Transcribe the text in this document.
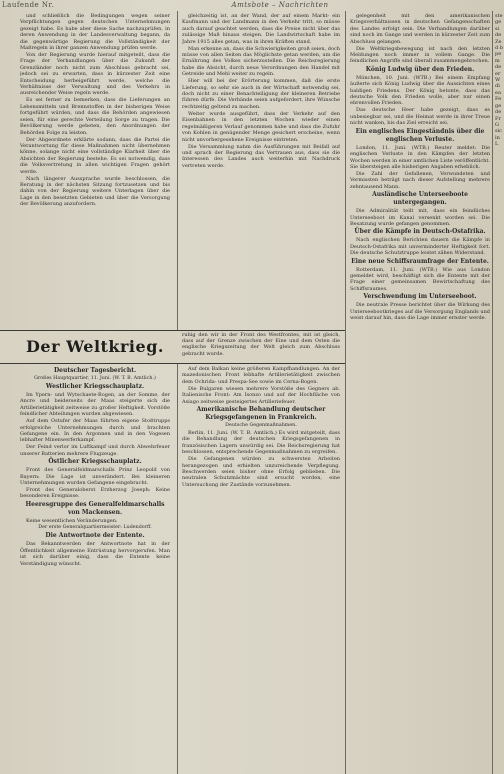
Laufende Nr.	Amtsbote – Nachrichten

und schließlich die Bedingungen wegen seiner Verpflichtungen gegen deutschen Unternehmungen gezeigt habe. Es habe aber diese Sache nachzuprüfen, in deren Anwendung in der Landesverwaltung begann, da die gegenwärtige Regierung die Vollständigkeit der Maßregeln in ihrer ganzen Anwendung prüfen werde.

Von der Regierung wurde hierauf mitgeteilt, dass die Frage der Verhandlungen über die Zukunft der Grenzländer noch nicht zum Abschluss gebracht sei, jedoch sei zu erwarten, dass in kürzester Zeit eine Entscheidung herbeigeführt werde, welche die Verhältnisse der Verwaltung und des Verkehrs in ausreichender Weise regeln werde.

Es sei ferner zu bemerken, dass die Lieferungen an Lebensmitteln und Brennstoffen in der bisherigen Weise fortgeführt würden, und dass die Behörden angewiesen seien, für eine gerechte Verteilung Sorge zu tragen. Die Bevölkerung werde gebeten, den Anordnungen der Behörden Folge zu leisten.

Der Abgeordnete erklärte sodann, dass die Partei die Verantwortung für diese Maßnahmen nicht übernehmen könne, solange nicht eine vollständige Klarheit über die Absichten der Regierung bestehe. Es sei notwendig, dass die Volksvertretung in allen wichtigen Fragen gehört werde.

Nach längerer Aussprache wurde beschlossen, die Beratung in der nächsten Sitzung fortzusetzen und bis dahin von der Regierung weitere Unterlagen über die Lage in den besetzten Gebieten und über die Versorgung der Bevölkerung anzufordern.

gleichzeitig ist, an der Wand, der auf einem Markt- ein Kaufmann und der Landmann in den Verkehr tritt, so müsse auch darauf geachtet werden, dass die Preise nicht über das zulässige Maß hinaus steigen. Die Landwirtschaft habe im Jahre 1915 alles getan, was in ihren Kräften stand.

Man erkenne an, dass die Schwierigkeiten groß seien, doch müsse von allen Seiten das Möglichste getan werden, um die Ernährung des Volkes sicherzustellen. Die Reichsregierung habe die Absicht, durch neue Verordnungen den Handel mit Getreide und Mehl weiter zu regeln.

Hier will bei der Erörterung kommen, daß die erste Lieferung, so sehr sie auch in der Wirtschaft notwendig sei, doch nicht zu einer Benachteiligung der kleineren Betriebe führen dürfe. Die Verbände seien aufgefordert, ihre Wünsche rechtzeitig geltend zu machen.

Weiter wurde ausgeführt, dass der Verkehr auf den Eisenbahnen in den letzten Wochen wieder einen regelmäßigeren Verlauf genommen habe und dass die Zufuhr von Kohlen in genügender Menge gesichert erscheine, wenn nicht unvorhergesehene Ereignisse eintreten.

Die Versammlung nahm die Ausführungen mit Beifall auf und sprach der Regierung das Vertrauen aus, dass sie die Interessen des Landes auch weiterhin mit Nachdruck vertreten werde.

Der Weltkrieg.
ruhig den wir in der Front des Westfrontes, mit ist gleich, dass auf der Grenze zwischen der Eine und dem Osten die englische Kriegszeitung der Welt gleich zum Abschluss gebracht wurde.
Deutscher Tagesbericht.
Großes Hauptquartier, 11. Juni. (W. T. B. Amtlich.)
Westlicher Kriegsschauplatz.

Im Ypern- und Wytschaete-Bogen, an der Somme, der Ancre und beiderseits der Maas steigerte sich die Artillerietätigkeit zeitweise zu großer Heftigkeit. Vorstöße feindlicher Abteilungen wurden abgewiesen.

Auf dem Ostufer der Maas führten eigene Stoßtrupps erfolgreiche Unternehmungen durch und brachten Gefangene ein. In den Argonnen und in den Vogesen lebhafter Minenwerferkampf.

Der Feind verlor im Luftkampf und durch Abwehrfeuer unserer Batterien mehrere Flugzeuge.

Östlicher Kriegsschauplatz.

Front des Generalfeldmarschalls Prinz Leopold von Bayern: Die Lage ist unverändert. Bei kleineren Unternehmungen wurden Gefangene eingebracht.

Front des Generaloberst Erzherzog Joseph: Keine besonderen Ereignisse.

Heeresgruppe des Generalfeldmarschalls von Mackensen.

Keine wesentlichen Veränderungen.

Der erste Generalquartiermeister: Ludendorff.
Die Antwortnote der Entente.

Das Bekanntwerden der Antwortnote hat in der Öffentlichkeit allgemeine Entrüstung hervorgerufen. Man ist sich darüber einig, dass die Entente keine Verständigung wünscht.

Auf dem Balkan keine größeren Kampfhandlungen. An der mazedonischen Front lebhafte Artillerietätigkeit zwischen dem Ochrida- und Prespa-See sowie im Cerna-Bogen.

Die Bulgaren wiesen mehrere Vorstöße des Gegners ab. Italienische Front: Am Isonzo und auf der Hochfläche von Asiago zeitweise gesteigertes Artilleriefeuer.

Amerikanische Behandlung deutscher Kriegsgefangenen in Frankreich.
Deutsche Gegenmaßnahmen.

Berlin, 11. Juni. (W. T. B. Amtlich.) Es wird mitgeteilt, dass die Behandlung der deutschen Kriegsgefangenen in französischen Lagern unwürdig sei. Die Reichsregierung hat beschlossen, entsprechende Gegenmaßnahmen zu ergreifen.

Die Gefangenen würden zu schwersten Arbeiten herangezogen und erhielten unzureichende Verpflegung. Beschwerden seien bisher ohne Erfolg geblieben. Die neutralen Schutzmächte sind ersucht worden, eine Untersuchung der Zustände vorzunehmen.

gelegenheit mit den amerikanischen Kriegsverhältnissen in deutschen Gefangenschaften des Landes erfolgt sein. Die Verhandlungen darüber sind noch im Gange und werden in kürzester Zeit zum Abschluss gelangen.

Die Weltkriegsbewegung ist nach den letzten Meldungen noch immer in vollem Gange. Die feindlichen Angriffe sind überall zusammengebrochen.

König Ludwig über den Frieden.

München, 10. Juni. (WTB.) Bei einem Empfang äußerte sich König Ludwig über die Aussichten eines baldigen Friedens. Der König betonte, dass das deutsche Volk den Frieden wolle, aber nur einen ehrenvollen Frieden.

Das deutsche Heer habe gezeigt, dass es unbesiegbar sei, und die Heimat werde in ihrer Treue nicht wanken, bis das Ziel erreicht sei.

Ein englisches Eingeständnis über die englischen Verluste.

London, 11. Juni. (WTB.) Reuter meldet: Die englischen Verluste in den Kämpfen der letzten Wochen werden in einer amtlichen Liste veröffentlicht. Sie übersteigen alle bisherigen Angaben erheblich.

Die Zahl der Gefallenen, Verwundeten und Vermissten beträgt nach dieser Aufstellung mehrere zehntausend Mann.

Ausländische Unterseeboote untergegangen.

Die Admiralität teilt mit, dass ein feindliches Unterseeboot im Kanal versenkt worden sei. Die Besatzung wurde gefangen genommen.

Über die Kämpfe in Deutsch-Ostafrika.

Nach englischen Berichten dauern die Kämpfe in Deutsch-Ostafrika mit unverminderter Heftigkeit fort. Die deutsche Schutztruppe leistet zähen Widerstand.

Eine neue Schiffsraumfrage der Entente.

Rotterdam, 11. Juni. (WTB.) Wie aus London gemeldet wird, beschäftigt sich die Entente mit der Frage einer gemeinsamen Bewirtschaftung des Schiffsraumes.

Verschwendung im Unterseeboot.

Die neutrale Presse berichtet über die Wirkung des Unterseebootkrieges auf die Versorgung Englands und weist darauf hin, dass die Lage immer ernster werde.

ste ge si de Ze d b pe m de er W di ea Fe ge de Fr G sic in L
